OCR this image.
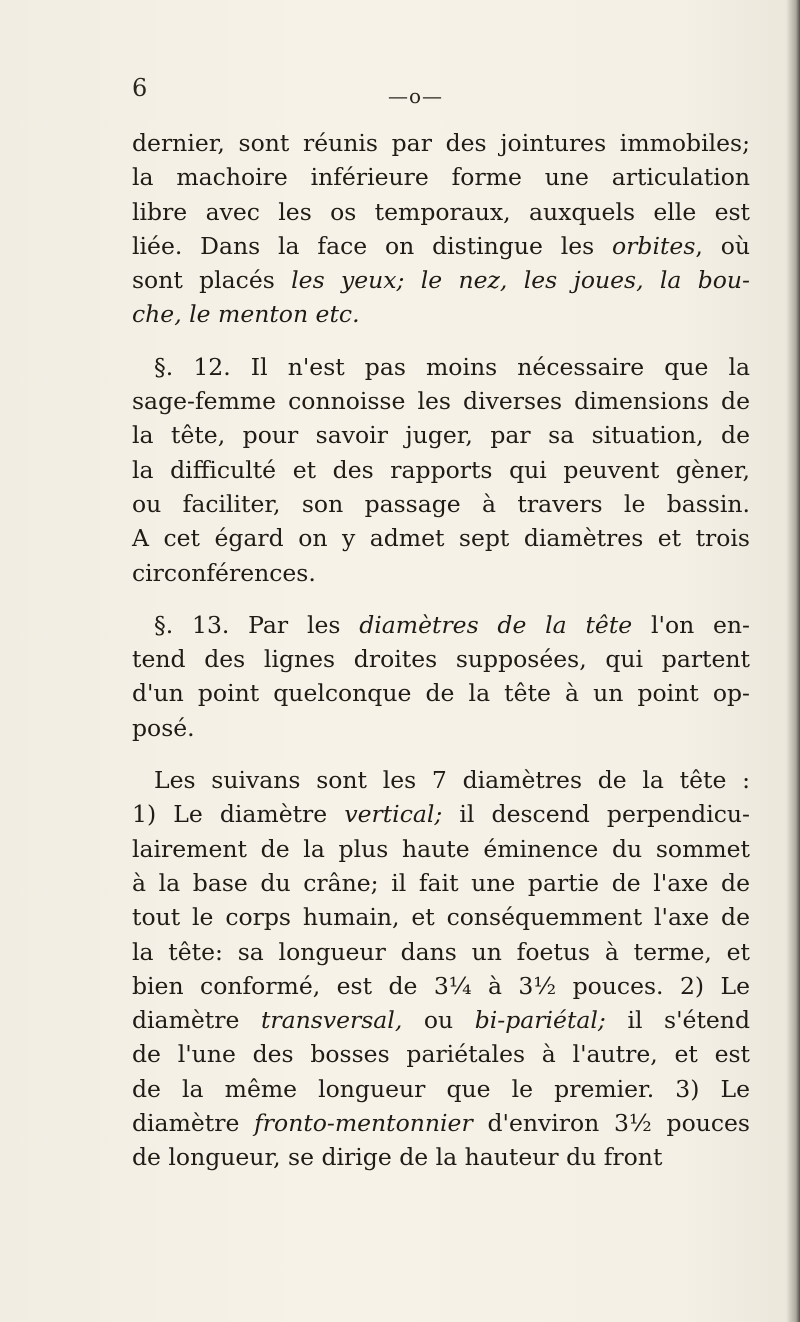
6	—o—

dernier, sont réunis par des jointures immobiles;
la machoire inférieure forme une articulation
libre avec les os temporaux, auxquels elle est
liée. Dans la face on distingue les orbites, où
sont placés les yeux; le nez, les joues, la bou-
che, le menton etc.

§. 12. Il n'est pas moins nécessaire que la
sage-femme connoisse les diverses dimensions de
la tête, pour savoir juger, par sa situation, de
la difficulté et des rapports qui peuvent gèner,
ou faciliter, son passage à travers le bassin.
A cet égard on y admet sept diamètres et trois
circonférences.

§. 13. Par les diamètres de la tête l'on en-
tend des lignes droites supposées, qui partent
d'un point quelconque de la tête à un point op-
posé.

Les suivans sont les 7 diamètres de la tête :
1) Le diamètre vertical; il descend perpendicu-
lairement de la plus haute éminence du sommet
à la base du crâne; il fait une partie de l'axe de
tout le corps humain, et conséquemment l'axe de
la tête: sa longueur dans un foetus à terme, et
bien conformé, est de 3¼ à 3½ pouces. 2) Le
diamètre transversal, ou bi-pariétal; il s'étend
de l'une des bosses pariétales à l'autre, et est
de la même longueur que le premier. 3) Le
diamètre fronto-mentonnier d'environ 3½ pouces
de longueur, se dirige de la hauteur du front
